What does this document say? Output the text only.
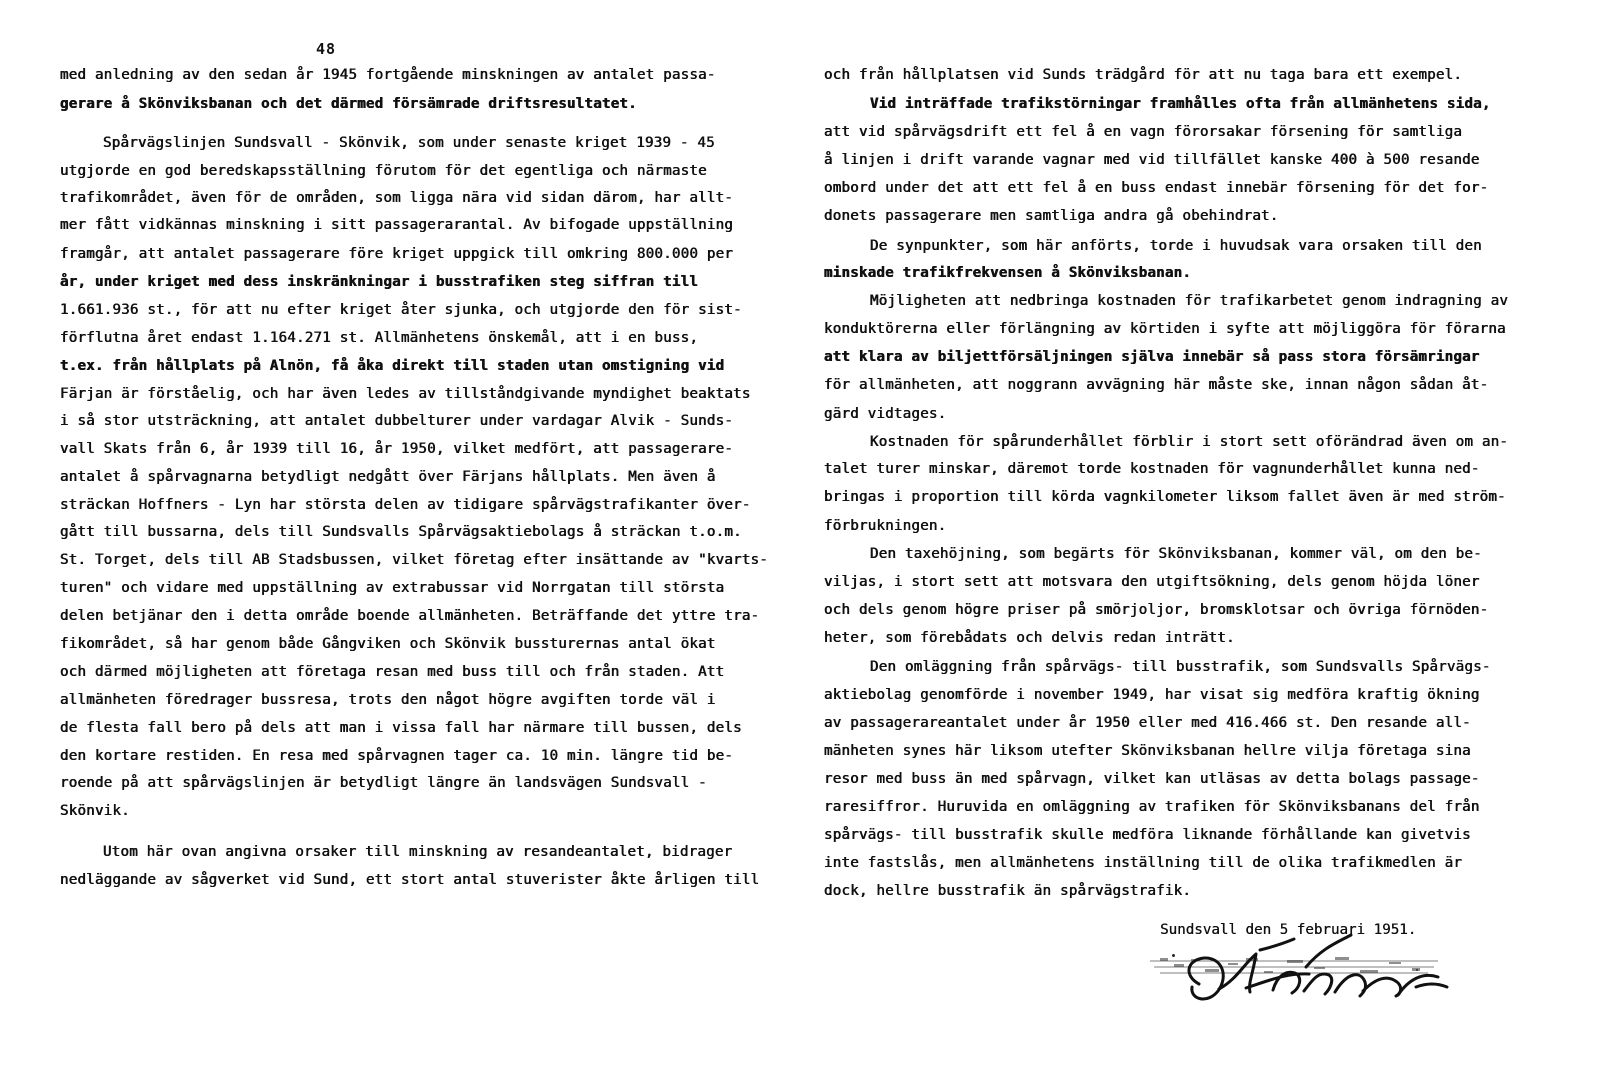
48
med anledning av den sedan år 1945 fortgående minskningen av antalet passa-
gerare å Skönviksbanan och det därmed försämrade driftsresultatet.
Spårvägslinjen Sundsvall - Skönvik, som under senaste kriget 1939 - 45
utgjorde en god beredskapsställning förutom för det egentliga och närmaste
trafikområdet, även för de områden, som ligga nära vid sidan därom, har allt-
mer fått vidkännas minskning i sitt passagerarantal. Av bifogade uppställning
framgår, att antalet passagerare före kriget uppgick till omkring 800.000 per
år, under kriget med dess inskränkningar i busstrafiken steg siffran till
1.661.936 st., för att nu efter kriget åter sjunka, och utgjorde den för sist-
förflutna året endast 1.164.271 st. Allmänhetens önskemål, att i en buss,
t.ex. från hållplats på Alnön, få åka direkt till staden utan omstigning vid
Färjan är förståelig, och har även ledes av tillståndgivande myndighet beaktats
i så stor utsträckning, att antalet dubbelturer under vardagar Alvik - Sunds-
vall Skats från 6, år 1939 till 16, år 1950, vilket medfört, att passagerare-
antalet å spårvagnarna betydligt nedgått över Färjans hållplats. Men även å
sträckan Hoffners - Lyn har största delen av tidigare spårvägstrafikanter över-
gått till bussarna, dels till Sundsvalls Spårvägsaktiebolags å sträckan t.o.m.
St. Torget, dels till AB Stadsbussen, vilket företag efter insättande av "kvarts-
turen" och vidare med uppställning av extrabussar vid Norrgatan till största
delen betjänar den i detta område boende allmänheten. Beträffande det yttre tra-
fikområdet, så har genom både Gångviken och Skönvik bussturernas antal ökat
och därmed möjligheten att företaga resan med buss till och från staden. Att
allmänheten föredrager bussresa, trots den något högre avgiften torde väl i
de flesta fall bero på dels att man i vissa fall har närmare till bussen, dels
den kortare restiden. En resa med spårvagnen tager ca. 10 min. längre tid be-
roende på att spårvägslinjen är betydligt längre än landsvägen Sundsvall -
Skönvik.
Utom här ovan angivna orsaker till minskning av resandeantalet, bidrager
nedläggande av sågverket vid Sund, ett stort antal stuverister åkte årligen till
och från hållplatsen vid Sunds trädgård för att nu taga bara ett exempel.
Vid inträffade trafikstörningar framhålles ofta från allmänhetens sida,
att vid spårvägsdrift ett fel å en vagn förorsakar försening för samtliga
å linjen i drift varande vagnar med vid tillfället kanske 400 à 500 resande
ombord under det att ett fel å en buss endast innebär försening för det for-
donets passagerare men samtliga andra gå obehindrat.
De synpunkter, som här anförts, torde i huvudsak vara orsaken till den
minskade trafikfrekvensen å Skönviksbanan.
Möjligheten att nedbringa kostnaden för trafikarbetet genom indragning av
konduktörerna eller förlängning av körtiden i syfte att möjliggöra för förarna
att klara av biljettförsäljningen själva innebär så pass stora försämringar
för allmänheten, att noggrann avvägning här måste ske, innan någon sådan åt-
gärd vidtages.
Kostnaden för spårunderhållet förblir i stort sett oförändrad även om an-
talet turer minskar, däremot torde kostnaden för vagnunderhållet kunna ned-
bringas i proportion till körda vagnkilometer liksom fallet även är med ström-
förbrukningen.
Den taxehöjning, som begärts för Skönviksbanan, kommer väl, om den be-
viljas, i stort sett att motsvara den utgiftsökning, dels genom höjda löner
och dels genom högre priser på smörjoljor, bromsklotsar och övriga förnöden-
heter, som förebådats och delvis redan inträtt.
Den omläggning från spårvägs- till busstrafik, som Sundsvalls Spårvägs-
aktiebolag genomförde i november 1949, har visat sig medföra kraftig ökning
av passagerareantalet under år 1950 eller med 416.466 st. Den resande all-
mänheten synes här liksom utefter Skönviksbanan hellre vilja företaga sina
resor med buss än med spårvagn, vilket kan utläsas av detta bolags passage-
raresiffror. Huruvida en omläggning av trafiken för Skönviksbanans del från
spårvägs- till busstrafik skulle medföra liknande förhållande kan givetvis
inte fastslås, men allmänhetens inställning till de olika trafikmedlen är
dock, hellre busstrafik än spårvägstrafik.
Sundsvall den 5 februari 1951.
